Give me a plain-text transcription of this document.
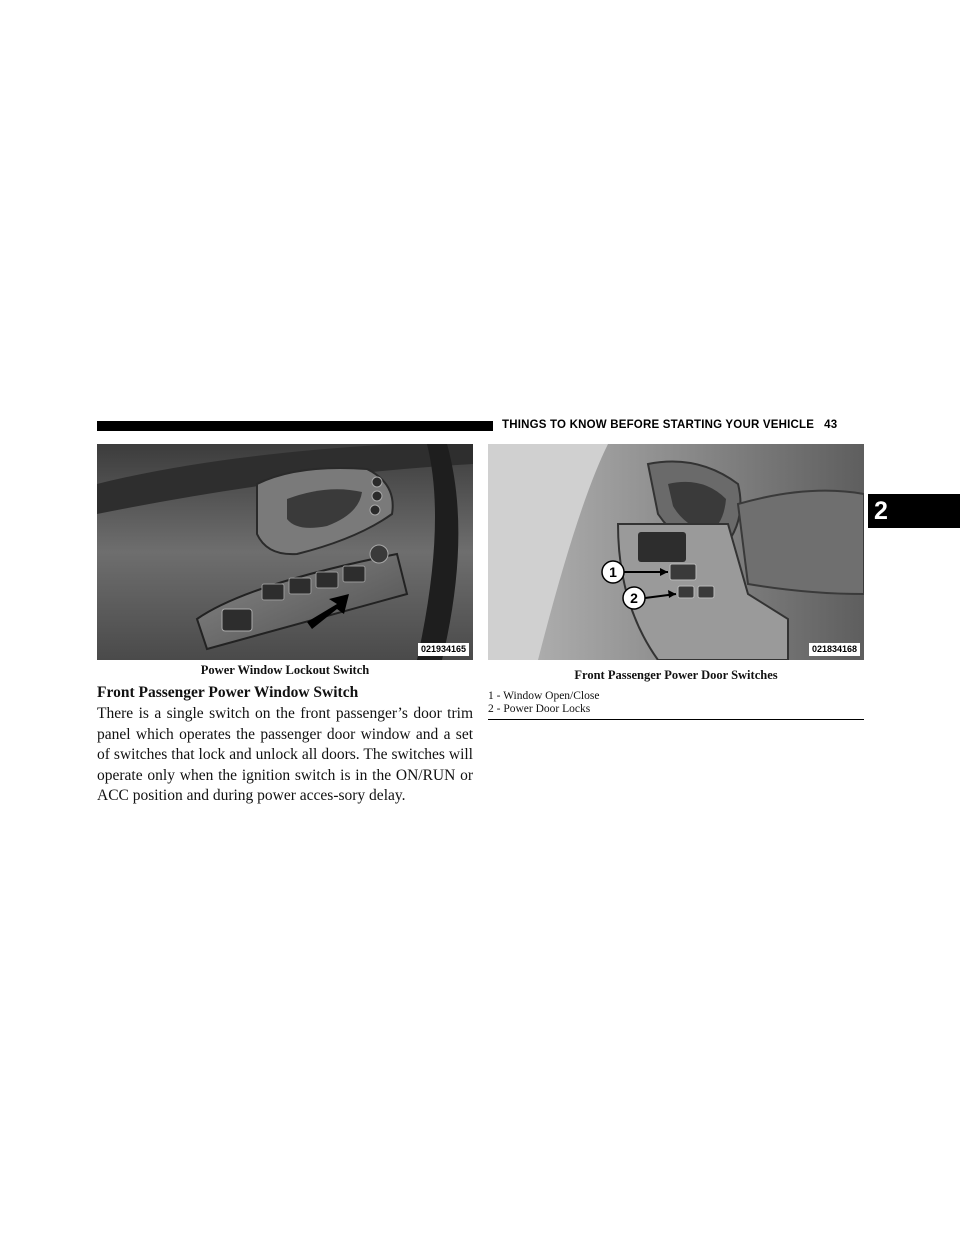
THINGS TO KNOW BEFORE STARTING YOUR VEHICLE 43
2
021934165
Power Window Lockout Switch
1
2
021834168
Front Passenger Power Door Switches
1 - Window Open/Close
2 - Power Door Locks
Front Passenger Power Window Switch
There is a single switch on the front passenger’s door trim panel which operates the passenger door window and a set of switches that lock and unlock all doors. The switches will operate only when the ignition switch is in the ON/RUN or ACC position and during power acces-sory delay.
